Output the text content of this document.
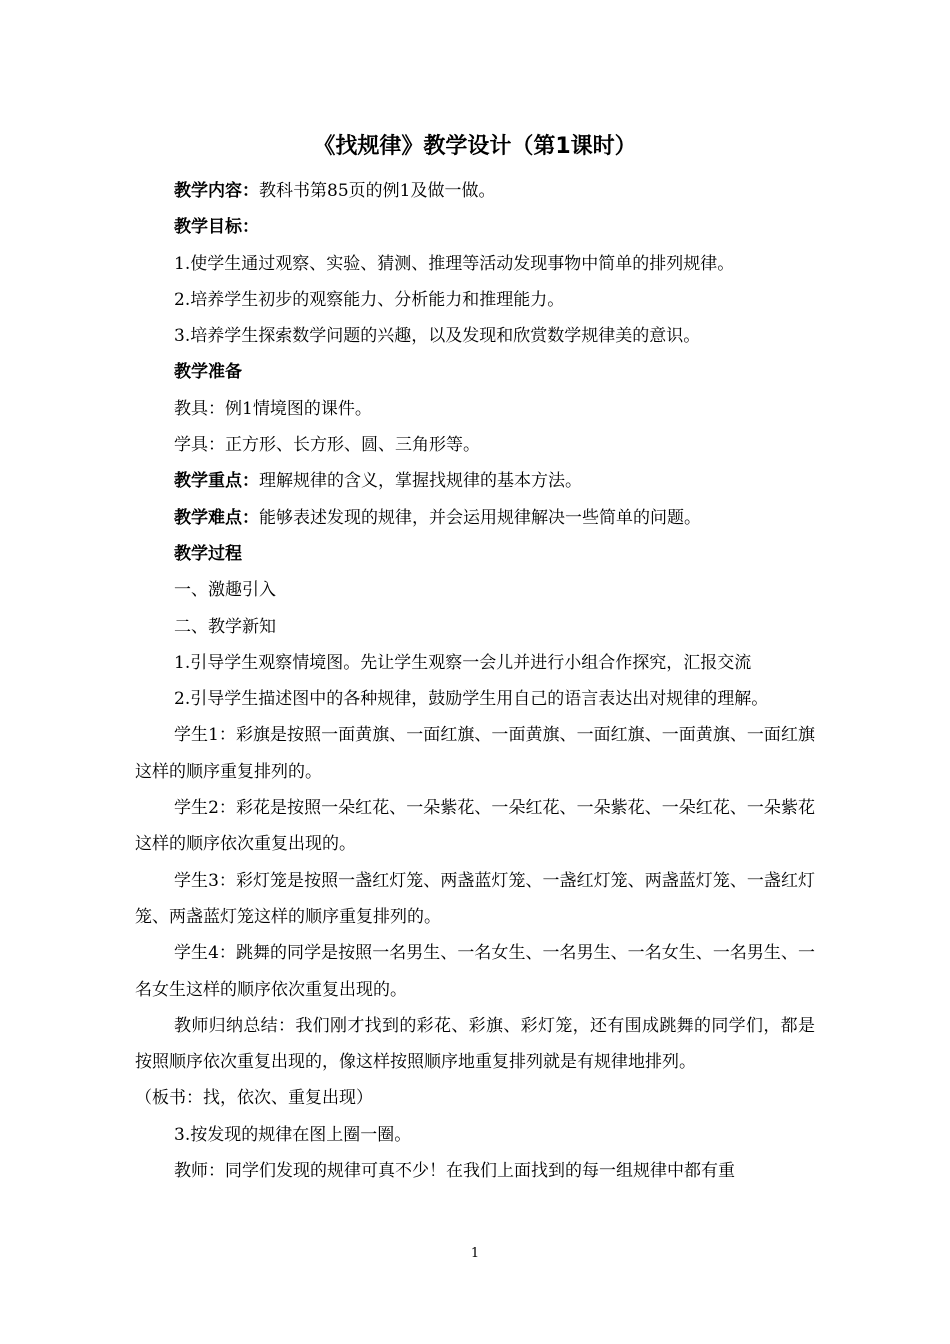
《找规律》教学设计（第1课时）

教学内容：教科书第85页的例1及做一做。

教学目标：

1.使学生通过观察、实验、猜测、推理等活动发现事物中简单的排列规律。

2.培养学生初步的观察能力、分析能力和推理能力。

3.培养学生探索数学问题的兴趣，以及发现和欣赏数学规律美的意识。

教学准备

教具：例1情境图的课件。

学具：正方形、长方形、圆、三角形等。

教学重点：理解规律的含义，掌握找规律的基本方法。

教学难点：能够表述发现的规律，并会运用规律解决一些简单的问题。

教学过程

一、激趣引入

二、教学新知

1.引导学生观察情境图。先让学生观察一会儿并进行小组合作探究，汇报交流

2.引导学生描述图中的各种规律，鼓励学生用自己的语言表达出对规律的理解。

学生1：彩旗是按照一面黄旗、一面红旗、一面黄旗、一面红旗、一面黄旗、一面红旗这样的顺序重复排列的。

学生2：彩花是按照一朵红花、一朵紫花、一朵红花、一朵紫花、一朵红花、一朵紫花这样的顺序依次重复出现的。

学生3：彩灯笼是按照一盏红灯笼、两盏蓝灯笼、一盏红灯笼、两盏蓝灯笼、一盏红灯笼、两盏蓝灯笼这样的顺序重复排列的。

学生4：跳舞的同学是按照一名男生、一名女生、一名男生、一名女生、一名男生、一名女生这样的顺序依次重复出现的。

教师归纳总结：我们刚才找到的彩花、彩旗、彩灯笼，还有围成跳舞的同学们，都是按照顺序依次重复出现的，像这样按照顺序地重复排列就是有规律地排列。

（板书：找，依次、重复出现）

3.按发现的规律在图上圈一圈。

教师：同学们发现的规律可真不少！在我们上面找到的每一组规律中都有重

1
